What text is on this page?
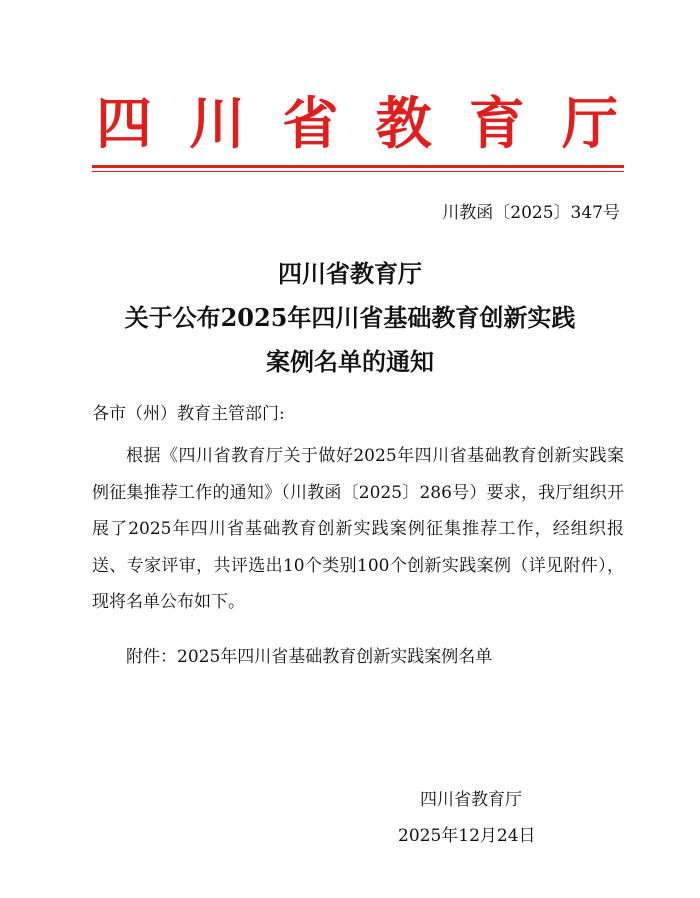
四 川 省 教 育 厅
川教函〔2025〕347号
四川省教育厅
关于公布2025年四川省基础教育创新实践
案例名单的通知
各市（州）教育主管部门:

根据《四川省教育厅关于做好2025年四川省基础教育创新实践案例征集推荐工作的通知》（川教函〔2025〕286号）要求，我厅组织开展了2025年四川省基础教育创新实践案例征集推荐工作，经组织报送、专家评审，共评选出10个类别100个创新实践案例（详见附件），现将名单公布如下。

附件：2025年四川省基础教育创新实践案例名单
四川省教育厅
2025年12月24日
